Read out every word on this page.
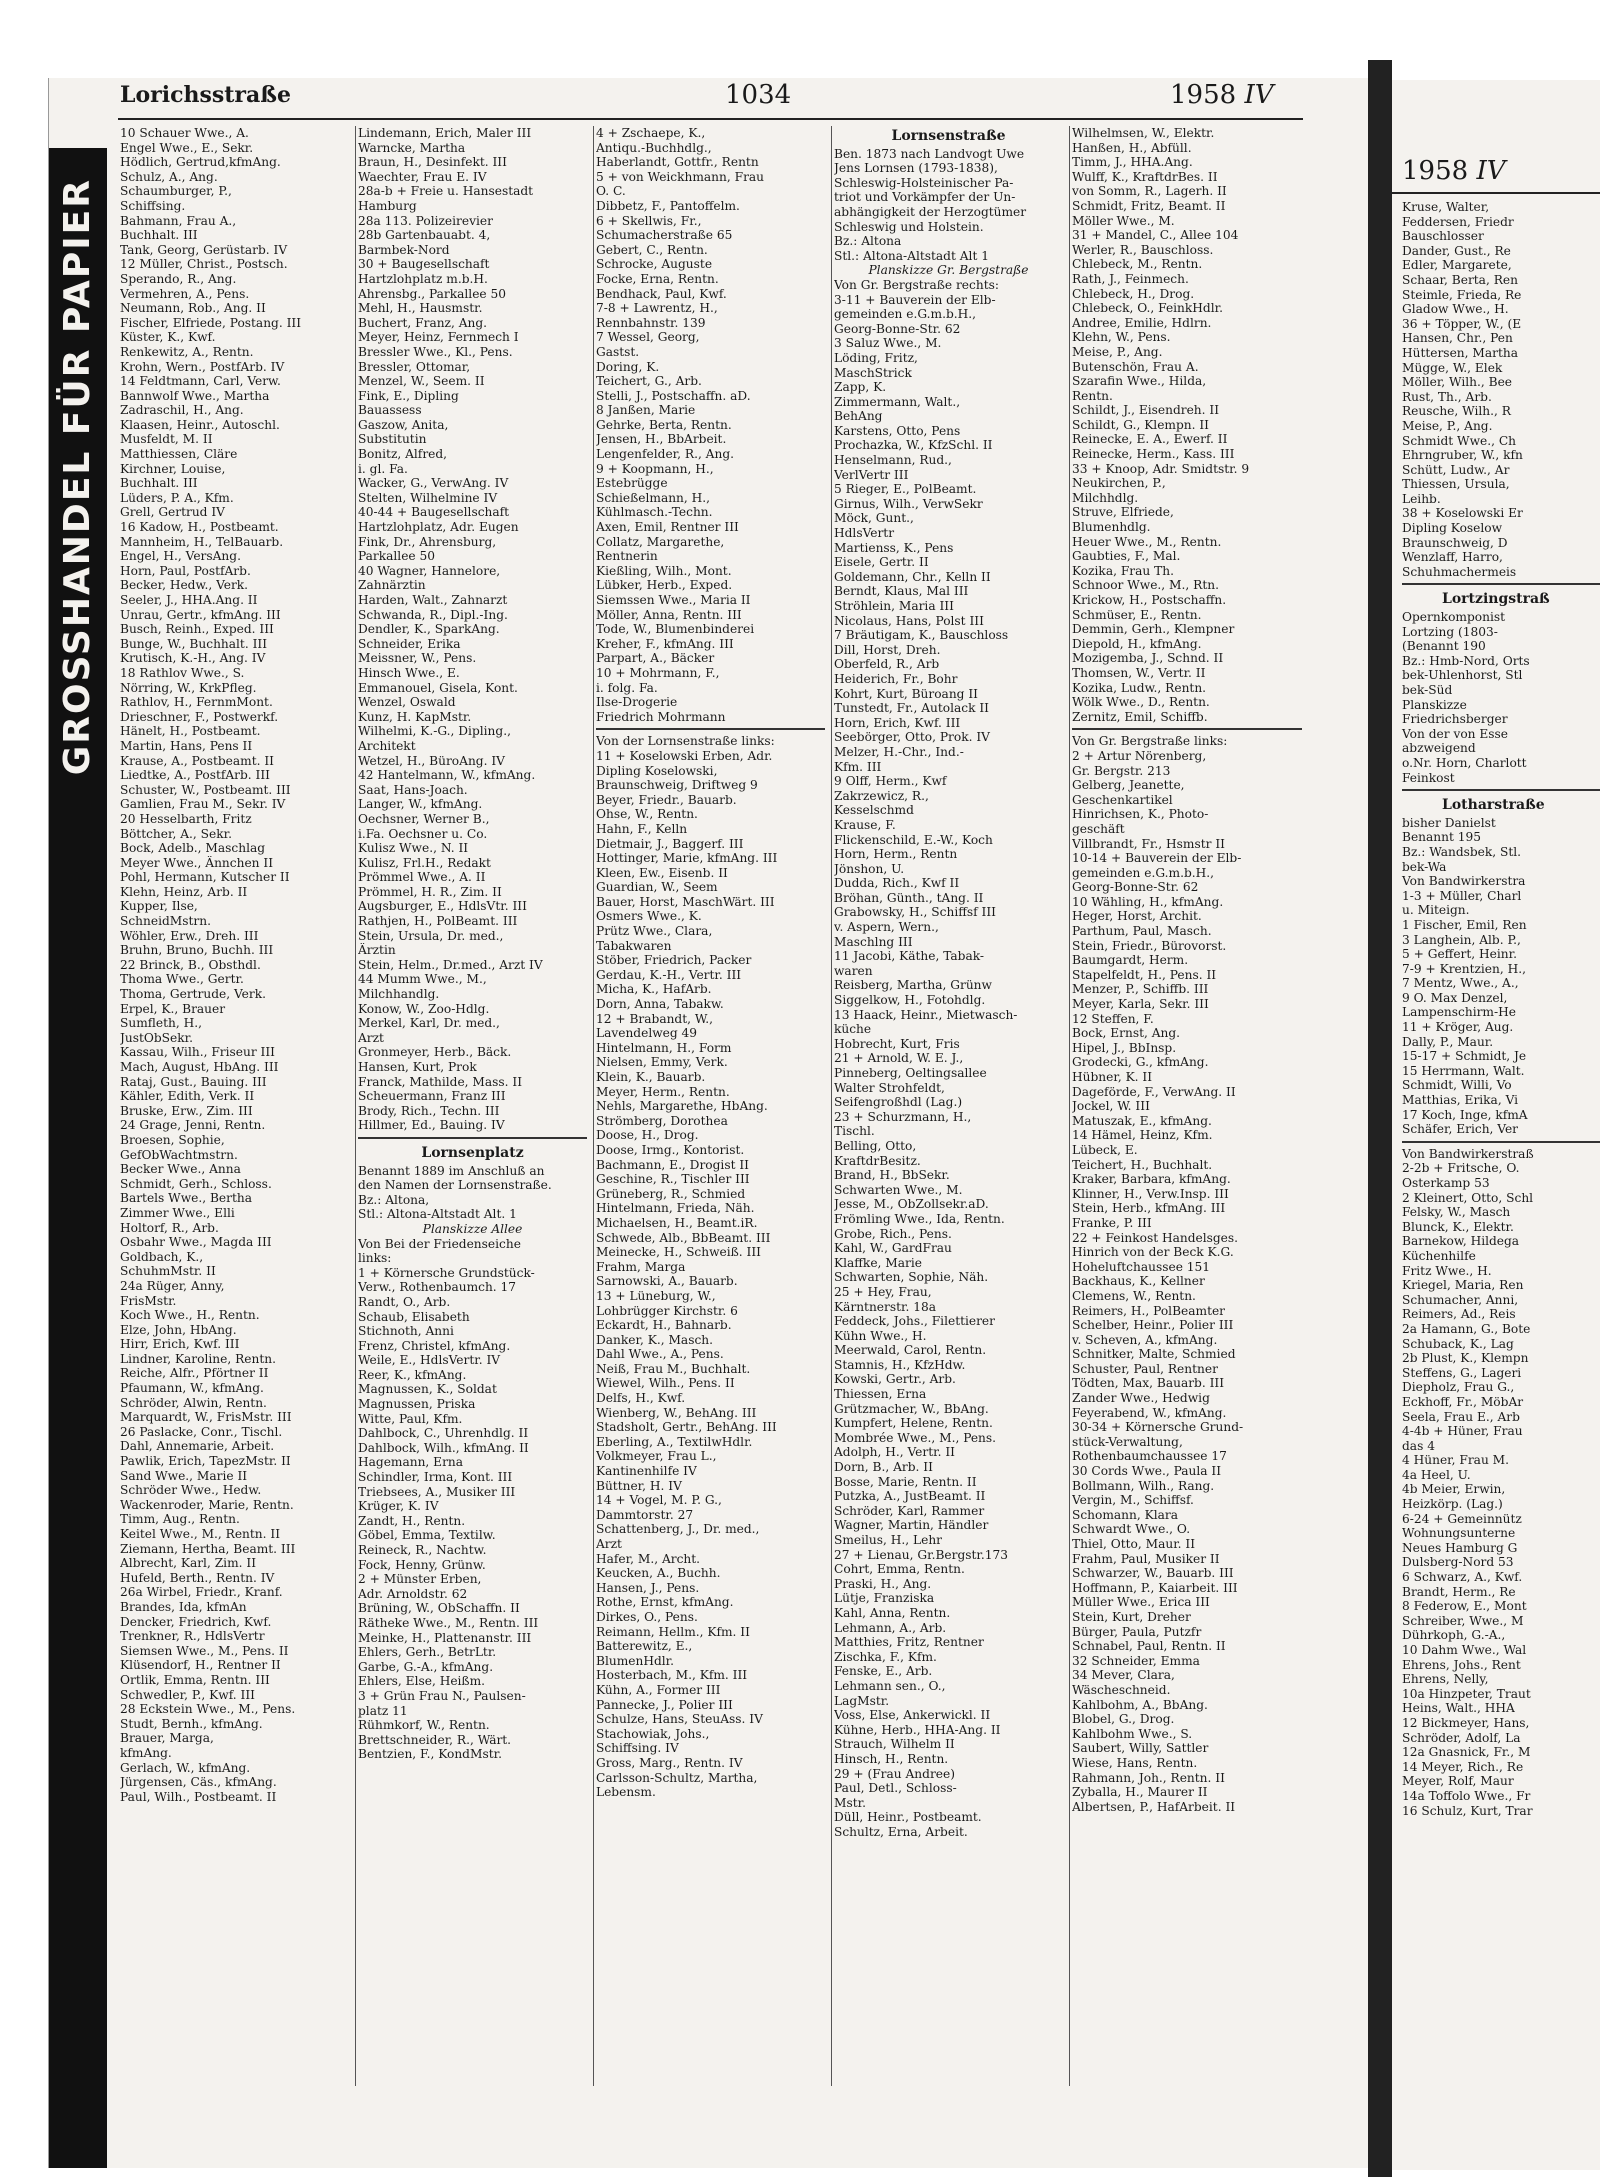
GROSSHANDEL FÜR PAPIER
Lorichsstraße	1034	1958 IV
10 Schauer Wwe., A.
Engel Wwe., E., Sekr.
Hödlich, Gertrud,kfmAng.
Schulz, A., Ang.
Schaumburger, P.,
Schiffsing.
Bahmann, Frau A.,
Buchhalt. III
Tank, Georg, Gerüstarb. IV
12 Müller, Christ., Postsch.
Sperando, R., Ang.
Vermehren, A., Pens.
Neumann, Rob., Ang. II
Fischer, Elfriede, Postang. III
Küster, K., Kwf.
Renkewitz, A., Rentn.
Krohn, Wern., PostfArb. IV
14 Feldtmann, Carl, Verw.
Bannwolf Wwe., Martha
Zadraschil, H., Ang.
Klaasen, Heinr., Autoschl.
Musfeldt, M. II
Matthiessen, Cläre
Kirchner, Louise,
Buchhalt. III
Lüders, P. A., Kfm.
Grell, Gertrud IV
16 Kadow, H., Postbeamt.
Mannheim, H., TelBauarb.
Engel, H., VersAng.
Horn, Paul, PostfArb.
Becker, Hedw., Verk.
Seeler, J., HHA.Ang. II
Unrau, Gertr., kfmAng. III
Busch, Reinh., Exped. III
Bunge, W., Buchhalt. III
Krutisch, K.-H., Ang. IV
18 Rathlov Wwe., S.
Nörring, W., KrkPfleg.
Rathlov, H., FernmMont.
Drieschner, F., Postwerkf.
Hänelt, H., Postbeamt.
Martin, Hans, Pens II
Krause, A., Postbeamt. II
Liedtke, A., PostfArb. III
Schuster, W., Postbeamt. III
Gamlien, Frau M., Sekr. IV
20 Hesselbarth, Fritz
Böttcher, A., Sekr.
Bock, Adelb., Maschlag
Meyer Wwe., Ännchen II
Pohl, Hermann, Kutscher II
Klehn, Heinz, Arb. II
Kupper, Ilse,
SchneidMstrn.
Wöhler, Erw., Dreh. III
Bruhn, Bruno, Buchh. III
22 Brinck, B., Obsthdl.
Thoma Wwe., Gertr.
Thoma, Gertrude, Verk.
Erpel, K., Brauer
Sumfleth, H.,
JustObSekr.
Kassau, Wilh., Friseur III
Mach, August, HbAng. III
Rataj, Gust., Bauing. III
Kähler, Edith, Verk. II
Bruske, Erw., Zim. III
24 Grage, Jenni, Rentn.
Broesen, Sophie,
GefObWachtmstrn.
Becker Wwe., Anna
Schmidt, Gerh., Schloss.
Bartels Wwe., Bertha
Zimmer Wwe., Elli
Holtorf, R., Arb.
Osbahr Wwe., Magda III
Goldbach, K.,
SchuhmMstr. II
24a Rüger, Anny,
FrisMstr.
Koch Wwe., H., Rentn.
Elze, John, HbAng.
Hirr, Erich, Kwf. III
Lindner, Karoline, Rentn.
Reiche, Alfr., Pförtner II
Pfaumann, W., kfmAng.
Schröder, Alwin, Rentn.
Marquardt, W., FrisMstr. III
26 Paslacke, Conr., Tischl.
Dahl, Annemarie, Arbeit.
Pawlik, Erich, TapezMstr. II
Sand Wwe., Marie II
Schröder Wwe., Hedw.
Wackenroder, Marie, Rentn.
Timm, Aug., Rentn.
Keitel Wwe., M., Rentn. II
Ziemann, Hertha, Beamt. III
Albrecht, Karl, Zim. II
Hufeld, Berth., Rentn. IV
26a Wirbel, Friedr., Kranf.
Brandes, Ida, kfmAn
Dencker, Friedrich, Kwf.
Trenkner, R., HdlsVertr
Siemsen Wwe., M., Pens. II
Klüsendorf, H., Rentner II
Ortlik, Emma, Rentn. III
Schwedler, P., Kwf. III
28 Eckstein Wwe., M., Pens.
Studt, Bernh., kfmAng.
Brauer, Marga,
kfmAng.
Gerlach, W., kfmAng.
Jürgensen, Cäs., kfmAng.
Paul, Wilh., Postbeamt. II
Lindemann, Erich, Maler III
Warncke, Martha
Braun, H., Desinfekt. III
Waechter, Frau E. IV
28a-b + Freie u. Hansestadt
Hamburg
28a 113. Polizeirevier
28b Gartenbauabt. 4,
Barmbek-Nord
30 + Baugesellschaft
Hartzlohplatz m.b.H.
Ahrensbg., Parkallee 50
Mehl, H., Hausmstr.
Buchert, Franz, Ang.
Meyer, Heinz, Fernmech I
Bressler Wwe., Kl., Pens.
Bressler, Ottomar,
Menzel, W., Seem. II
Fink, E., Dipling
Bauassess
Gaszow, Anita,
Substitutin
Bonitz, Alfred,
i. gl. Fa.
Wacker, G., VerwAng. IV
Stelten, Wilhelmine IV
40-44 + Baugesellschaft
Hartzlohplatz, Adr. Eugen
Fink, Dr., Ahrensburg,
Parkallee 50
40 Wagner, Hannelore,
Zahnärztin
Harden, Walt., Zahnarzt
Schwanda, R., Dipl.-Ing.
Dendler, K., SparkAng.
Schneider, Erika
Meissner, W., Pens.
Hinsch Wwe., E.
Emmanouel, Gisela, Kont.
Wenzel, Oswald
Kunz, H. KapMstr.
Wilhelmi, K.-G., Dipling.,
Architekt
Wetzel, H., BüroAng. IV
42 Hantelmann, W., kfmAng.
Saat, Hans-Joach.
Langer, W., kfmAng.
Oechsner, Werner B.,
i.Fa. Oechsner u. Co.
Kulisz Wwe., N. II
Kulisz, Frl.H., Redakt
Prömmel Wwe., A. II
Prömmel, H. R., Zim. II
Augsburger, E., HdlsVtr. III
Rathjen, H., PolBeamt. III
Stein, Ursula, Dr. med.,
Ärztin
Stein, Helm., Dr.med., Arzt IV
44 Mumm Wwe., M.,
Milchhandlg.
Konow, W., Zoo-Hdlg.
Merkel, Karl, Dr. med.,
Arzt
Gronmeyer, Herb., Bäck.
Hansen, Kurt, Prok
Franck, Mathilde, Mass. II
Scheuermann, Franz III
Brody, Rich., Techn. III
Hillmer, Ed., Bauing. IV
Lornsenplatz
Benannt 1889 im Anschluß an
den Namen der Lornsenstraße.
Bz.: Altona,
Stl.: Altona-Altstadt Alt. 1
Planskizze Allee
Von Bei der Friedenseiche
links:
1 + Körnersche Grundstück-
Verw., Rothenbaumch. 17
Randt, O., Arb.
Schaub, Elisabeth
Stichnoth, Anni
Frenz, Christel, kfmAng.
Weile, E., HdlsVertr. IV
Reer, K., kfmAng.
Magnussen, K., Soldat
Magnussen, Priska
Witte, Paul, Kfm.
Dahlbock, C., Uhrenhdlg. II
Dahlbock, Wilh., kfmAng. II
Hagemann, Erna
Schindler, Irma, Kont. III
Triebsees, A., Musiker III
Krüger, K. IV
Zandt, H., Rentn.
Göbel, Emma, Textilw.
Reineck, R., Nachtw.
Fock, Henny, Grünw.
2 + Münster Erben,
Adr. Arnoldstr. 62
Brüning, W., ObSchaffn. II
Rätheke Wwe., M., Rentn. III
Meinke, H., Plattenanstr. III
Ehlers, Gerh., BetrLtr.
Garbe, G.-A., kfmAng.
Ehlers, Else, Heißm.
3 + Grün Frau N., Paulsen-
platz 11
Rühmkorf, W., Rentn.
Brettschneider, R., Wärt.
Bentzien, F., KondMstr.
4 + Zschaepe, K.,
Antiqu.-Buchhdlg.,
Haberlandt, Gottfr., Rentn
5 + von Weickhmann, Frau
O. C.
Dibbetz, F., Pantoffelm.
6 + Skellwis, Fr.,
Schumacherstraße 65
Gebert, C., Rentn.
Schrocke, Auguste
Focke, Erna, Rentn.
Bendhack, Paul, Kwf.
7-8 + Lawrentz, H.,
Rennbahnstr. 139
7 Wessel, Georg,
Gastst.
Doring, K.
Teichert, G., Arb.
Stelli, J., Postschaffn. aD.
8 Janßen, Marie
Gehrke, Berta, Rentn.
Jensen, H., BbArbeit.
Lengenfelder, R., Ang.
9 + Koopmann, H.,
Estebrügge
Schießelmann, H.,
Kühlmasch.-Techn.
Axen, Emil, Rentner III
Collatz, Margarethe,
Rentnerin
Kießling, Wilh., Mont.
Lübker, Herb., Exped.
Siemssen Wwe., Maria II
Möller, Anna, Rentn. III
Tode, W., Blumenbinderei
Kreher, F., kfmAng. III
Parpart, A., Bäcker
10 + Mohrmann, F.,
i. folg. Fa.
Ilse-Drogerie
Friedrich Mohrmann
Von der Lornsenstraße links:
11 + Koselowski Erben, Adr.
Dipling Koselowski,
Braunschweig, Driftweg 9
Beyer, Friedr., Bauarb.
Ohse, W., Rentn.
Hahn, F., Kelln
Dietmair, J., Baggerf. III
Hottinger, Marie, kfmAng. III
Kleen, Ew., Eisenb. II
Guardian, W., Seem
Bauer, Horst, MaschWärt. III
Osmers Wwe., K.
Prütz Wwe., Clara,
Tabakwaren
Stöber, Friedrich, Packer
Gerdau, K.-H., Vertr. III
Micha, K., HafArb.
Dorn, Anna, Tabakw.
12 + Brabandt, W.,
Lavendelweg 49
Hintelmann, H., Form
Nielsen, Emmy, Verk.
Klein, K., Bauarb.
Meyer, Herm., Rentn.
Nehls, Margarethe, HbAng.
Strömberg, Dorothea
Doose, H., Drog.
Doose, Irmg., Kontorist.
Bachmann, E., Drogist II
Geschine, R., Tischler III
Grüneberg, R., Schmied
Hintelmann, Frieda, Näh.
Michaelsen, H., Beamt.iR.
Schwede, Alb., BbBeamt. III
Meinecke, H., Schweiß. III
Frahm, Marga
Sarnowski, A., Bauarb.
13 + Lüneburg, W.,
Lohbrügger Kirchstr. 6
Eckardt, H., Bahnarb.
Danker, K., Masch.
Dahl Wwe., A., Pens.
Neiß, Frau M., Buchhalt.
Wiewel, Wilh., Pens. II
Delfs, H., Kwf.
Wienberg, W., BehAng. III
Stadsholt, Gertr., BehAng. III
Eberling, A., TextilwHdlr.
Volkmeyer, Frau L.,
Kantinenhilfe IV
Büttner, H. IV
14 + Vogel, M. P. G.,
Dammtorstr. 27
Schattenberg, J., Dr. med.,
Arzt
Hafer, M., Archt.
Keucken, A., Buchh.
Hansen, J., Pens.
Rothe, Ernst, kfmAng.
Dirkes, O., Pens.
Reimann, Hellm., Kfm. II
Batterewitz, E.,
BlumenHdlr.
Hosterbach, M., Kfm. III
Kühn, A., Former III
Pannecke, J., Polier III
Schulze, Hans, SteuAss. IV
Stachowiak, Johs.,
Schiffsing. IV
Gross, Marg., Rentn. IV
Carlsson-Schultz, Martha,
Lebensm.
Lornsenstraße
Ben. 1873 nach Landvogt Uwe
Jens Lornsen (1793-1838),
Schleswig-Holsteinischer Pa-
triot und Vorkämpfer der Un-
abhängigkeit der Herzogtümer
Schleswig und Holstein.
Bz.: Altona
Stl.: Altona-Altstadt Alt 1
Planskizze Gr. Bergstraße
Von Gr. Bergstraße rechts:
3-11 + Bauverein der Elb-
gemeinden e.G.m.b.H.,
Georg-Bonne-Str. 62
3 Saluz Wwe., M.
Löding, Fritz,
MaschStrick
Zapp, K.
Zimmermann, Walt.,
BehAng
Karstens, Otto, Pens
Prochazka, W., KfzSchl. II
Henselmann, Rud.,
VerlVertr III
5 Rieger, E., PolBeamt.
Girnus, Wilh., VerwSekr
Möck, Gunt.,
HdlsVertr
Martienss, K., Pens
Eisele, Gertr. II
Goldemann, Chr., Kelln II
Berndt, Klaus, Mal III
Ströhlein, Maria III
Nicolaus, Hans, Polst III
7 Bräutigam, K., Bauschloss
Dill, Horst, Dreh.
Oberfeld, R., Arb
Heiderich, Fr., Bohr
Kohrt, Kurt, Büroang II
Tunstedt, Fr., Autolack II
Horn, Erich, Kwf. III
Seebörger, Otto, Prok. IV
Melzer, H.-Chr., Ind.-
Kfm. III
9 Olff, Herm., Kwf
Zakrzewicz, R.,
Kesselschmd
Krause, F.
Flickenschild, E.-W., Koch
Horn, Herm., Rentn
Jönshon, U.
Dudda, Rich., Kwf II
Bröhan, Günth., tAng. II
Grabowsky, H., Schiffsf III
v. Aspern, Wern.,
Maschlng III
11 Jacobi, Käthe, Tabak-
waren
Reisberg, Martha, Grünw
Siggelkow, H., Fotohdlg.
13 Haack, Heinr., Mietwasch-
küche
Hobrecht, Kurt, Fris
21 + Arnold, W. E. J.,
Pinneberg, Oeltingsallee
Walter Strohfeldt,
Seifengroßhdl (Lag.)
23 + Schurzmann, H.,
Tischl.
Belling, Otto,
KraftdrBesitz.
Brand, H., BbSekr.
Schwarten Wwe., M.
Jesse, M., ObZollsekr.aD.
Frömling Wwe., Ida, Rentn.
Grobe, Rich., Pens.
Kahl, W., GardFrau
Klaffke, Marie
Schwarten, Sophie, Näh.
25 + Hey, Frau,
Kärntnerstr. 18a
Feddeck, Johs., Filettierer
Kühn Wwe., H.
Meerwald, Carol, Rentn.
Stamnis, H., KfzHdw.
Kowski, Gertr., Arb.
Thiessen, Erna
Grützmacher, W., BbAng.
Kumpfert, Helene, Rentn.
Mombrée Wwe., M., Pens.
Adolph, H., Vertr. II
Dorn, B., Arb. II
Bosse, Marie, Rentn. II
Putzka, A., JustBeamt. II
Schröder, Karl, Rammer
Wagner, Martin, Händler
Smeilus, H., Lehr
27 + Lienau, Gr.Bergstr.173
Cohrt, Emma, Rentn.
Praski, H., Ang.
Lütje, Franziska
Kahl, Anna, Rentn.
Lehmann, A., Arb.
Matthies, Fritz, Rentner
Zischka, F., Kfm.
Fenske, E., Arb.
Lehmann sen., O.,
LagMstr.
Voss, Else, Ankerwickl. II
Kühne, Herb., HHA-Ang. II
Strauch, Wilhelm II
Hinsch, H., Rentn.
29 + (Frau Andree)
Paul, Detl., Schloss-
Mstr.
Düll, Heinr., Postbeamt.
Schultz, Erna, Arbeit.
Wilhelmsen, W., Elektr.
Hanßen, H., Abfüll.
Timm, J., HHA.Ang.
Wulff, K., KraftdrBes. II
von Somm, R., Lagerh. II
Schmidt, Fritz, Beamt. II
Möller Wwe., M.
31 + Mandel, C., Allee 104
Werler, R., Bauschloss.
Chlebeck, M., Rentn.
Rath, J., Feinmech.
Chlebeck, H., Drog.
Chlebeck, O., FeinkHdlr.
Andree, Emilie, Hdlrn.
Klehn, W., Pens.
Meise, P., Ang.
Butenschön, Frau A.
Szarafin Wwe., Hilda,
Rentn.
Schildt, J., Eisendreh. II
Schildt, G., Klempn. II
Reinecke, E. A., Ewerf. II
Reinecke, Herm., Kass. III
33 + Knoop, Adr. Smidtstr. 9
Neukirchen, P.,
Milchhdlg.
Struve, Elfriede,
Blumenhdlg.
Heuer Wwe., M., Rentn.
Gaubties, F., Mal.
Kozika, Frau Th.
Schnoor Wwe., M., Rtn.
Krickow, H., Postschaffn.
Schmüser, E., Rentn.
Demmin, Gerh., Klempner
Diepold, H., kfmAng.
Mozigemba, J., Schnd. II
Thomsen, W., Vertr. II
Kozika, Ludw., Rentn.
Wölk Wwe., D., Rentn.
Zernitz, Emil, Schiffb.
Von Gr. Bergstraße links:
2 + Artur Nörenberg,
Gr. Bergstr. 213
Gelberg, Jeanette,
Geschenkartikel
Hinrichsen, K., Photo-
geschäft
Villbrandt, Fr., Hsmstr II
10-14 + Bauverein der Elb-
gemeinden e.G.m.b.H.,
Georg-Bonne-Str. 62
10 Wähling, H., kfmAng.
Heger, Horst, Archit.
Parthum, Paul, Masch.
Stein, Friedr., Bürovorst.
Baumgardt, Herm.
Stapelfeldt, H., Pens. II
Menzer, P., Schiffb. III
Meyer, Karla, Sekr. III
12 Steffen, F.
Bock, Ernst, Ang.
Hipel, J., BbInsp.
Grodecki, G., kfmAng.
Hübner, K. II
Dageförde, F., VerwAng. II
Jockel, W. III
Matuszak, E., kfmAng.
14 Hämel, Heinz, Kfm.
Lübeck, E.
Teichert, H., Buchhalt.
Kraker, Barbara, kfmAng.
Klinner, H., Verw.Insp. III
Stein, Herb., kfmAng. III
Franke, P. III
22 + Feinkost Handelsges.
Hinrich von der Beck K.G.
Hoheluftchaussee 151
Backhaus, K., Kellner
Clemens, W., Rentn.
Reimers, H., PolBeamter
Schelber, Heinr., Polier III
v. Scheven, A., kfmAng.
Schnitker, Malte, Schmied
Schuster, Paul, Rentner
Tödten, Max, Bauarb. III
Zander Wwe., Hedwig
Feyerabend, W., kfmAng.
30-34 + Körnersche Grund-
stück-Verwaltung,
Rothenbaumchaussee 17
30 Cords Wwe., Paula II
Bollmann, Wilh., Rang.
Vergin, M., Schiffsf.
Schomann, Klara
Schwardt Wwe., O.
Thiel, Otto, Maur. II
Frahm, Paul, Musiker II
Schwarzer, W., Bauarb. III
Hoffmann, P., Kaiarbeit. III
Müller Wwe., Erica III
Stein, Kurt, Dreher
Bürger, Paula, Putzfr
Schnabel, Paul, Rentn. II
32 Schneider, Emma
34 Mever, Clara,
Wäscheschneid.
Kahlbohm, A., BbAng.
Blobel, G., Drog.
Kahlbohm Wwe., S.
Saubert, Willy, Sattler
Wiese, Hans, Rentn.
Rahmann, Joh., Rentn. II
Zyballa, H., Maurer II
Albertsen, P., HafArbeit. II
1958 IV
Kruse, Walter,
Feddersen, Friedr
Bauschlosser
Dander, Gust., Re
Edler, Margarete,
Schaar, Berta, Ren
Steimle, Frieda, Re
Gladow Wwe., H.
36 + Töpper, W., (E
Hansen, Chr., Pen
Hüttersen, Martha
Mügge, W., Elek
Möller, Wilh., Bee
Rust, Th., Arb.
Reusche, Wilh., R
Meise, P., Ang.
Schmidt Wwe., Ch
Ehrngruber, W., kfn
Schütt, Ludw., Ar
Thiessen, Ursula,
Leihb.
38 + Koselowski Er
Dipling Koselow
Braunschweig, D
Wenzlaff, Harro,
Schuhmachermeis
Lortzingstraß
Opernkomponist
Lortzing (1803-
(Benannt 190
Bz.: Hmb-Nord, Orts
bek-Uhlenhorst, Stl
bek-Süd
Planskizze
Friedrichsberger
Von der von Esse
abzweigend
o.Nr. Horn, Charlott
Feinkost
Lotharstraße
bisher Danielst
Benannt 195
Bz.: Wandsbek, Stl.
bek-Wa
Von Bandwirkerstra
1-3 + Müller, Charl
u. Miteign.
1 Fischer, Emil, Ren
3 Langhein, Alb. P.,
5 + Geffert, Heinr.
7-9 + Krentzien, H.,
7 Mentz, Wwe., A.,
9 O. Max Denzel,
Lampenschirm-He
11 + Kröger, Aug.
Dally, P., Maur.
15-17 + Schmidt, Je
15 Herrmann, Walt.
Schmidt, Willi, Vo
Matthias, Erika, Vi
17 Koch, Inge, kfmA
Schäfer, Erich, Ver
Von Bandwirkerstraß
2-2b + Fritsche, O.
Osterkamp 53
2 Kleinert, Otto, Schl
Felsky, W., Masch
Blunck, K., Elektr.
Barnekow, Hildega
Küchenhilfe
Fritz Wwe., H.
Kriegel, Maria, Ren
Schumacher, Anni,
Reimers, Ad., Reis
2a Hamann, G., Bote
Schuback, K., Lag
2b Plust, K., Klempn
Steffens, G., Lageri
Diepholz, Frau G.,
Eckhoff, Fr., MöbAr
Seela, Frau E., Arb
4-4b + Hüner, Frau
das 4
4 Hüner, Frau M.
4a Heel, U.
4b Meier, Erwin,
Heizkörp. (Lag.)
6-24 + Gemeinnütz
Wohnungsunterne
Neues Hamburg G
Dulsberg-Nord 53
6 Schwarz, A., Kwf.
Brandt, Herm., Re
8 Federow, E., Mont
Schreiber, Wwe., M
Dührkoph, G.-A.,
10 Dahm Wwe., Wal
Ehrens, Johs., Rent
Ehrens, Nelly,
10a Hinzpeter, Traut
Heins, Walt., HHA
12 Bickmeyer, Hans,
Schröder, Adolf, La
12a Gnasnick, Fr., M
14 Meyer, Rich., Re
Meyer, Rolf, Maur
14a Toffolo Wwe., Fr
16 Schulz, Kurt, Trar
